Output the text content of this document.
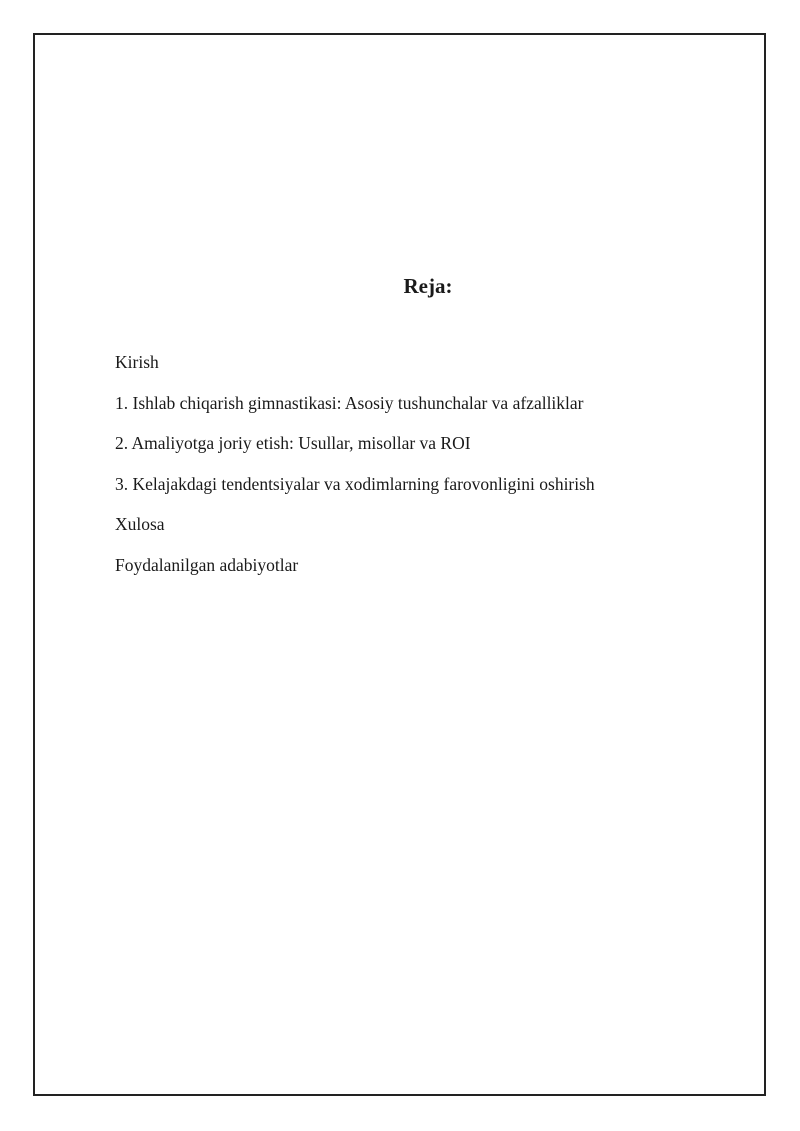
Reja:
Kirish
1. Ishlab chiqarish gimnastikasi: Asosiy tushunchalar va afzalliklar
2. Amaliyotga joriy etish: Usullar, misollar va ROI
3. Kelajakdagi tendentsiyalar va xodimlarning farovonligini oshirish
Xulosa
Foydalanilgan adabiyotlar
